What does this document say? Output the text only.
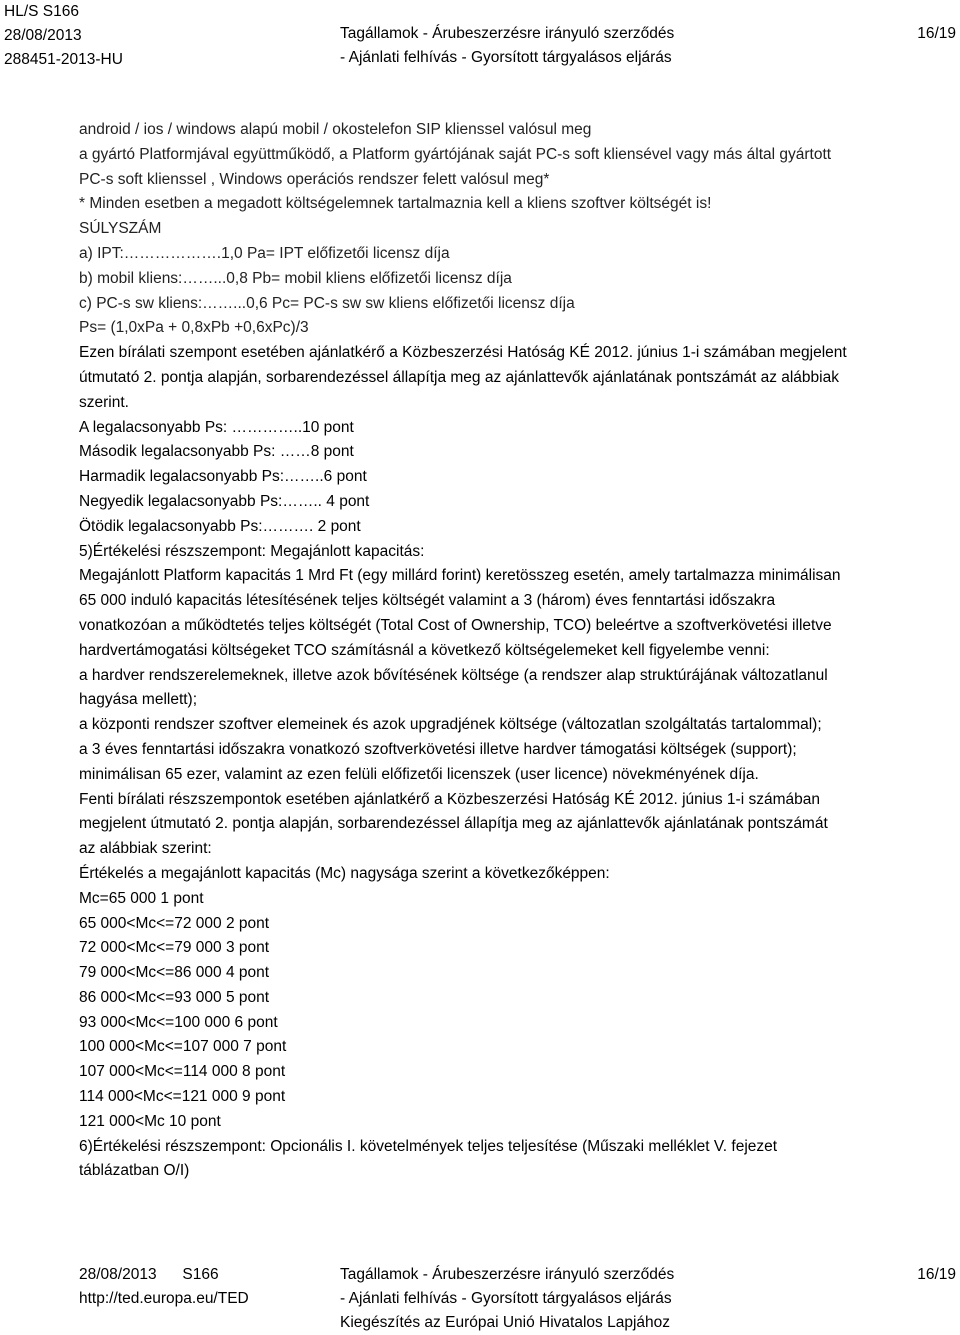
HL/S S166
28/08/2013
288451-2013-HU
Tagállamok - Árubeszerzésre irányuló szerződés
- Ajánlati felhívás - Gyorsított tárgyalásos eljárás
16/19

android / ios / windows alapú mobil / okostelefon SIP klienssel valósul meg

a gyártó Platformjával együttműködő, a Platform gyártójának saját PC-s soft kliensével vagy más által gyártott

PC-s soft klienssel , Windows operációs rendszer felett valósul meg*

* Minden esetben a megadott költségelemnek tartalmaznia kell a kliens szoftver költségét is!

SÚLYSZÁM

a) IPT:……………….1,0 Pa= IPT előfizetői licensz díja

b) mobil kliens:……...0,8 Pb= mobil kliens előfizetői licensz díja

c) PC-s sw kliens:……...0,6 Pc= PC-s sw sw kliens előfizetői licensz díja

Ps= (1,0xPa + 0,8xPb +0,6xPc)/3

Ezen bírálati szempont esetében ajánlatkérő a Közbeszerzési Hatóság KÉ 2012. június 1-i számában megjelent

útmutató 2. pontja alapján, sorbarendezéssel állapítja meg az ajánlattevők ajánlatának pontszámát az alábbiak

szerint.

A legalacsonyabb Ps: …………..10 pont

Második legalacsonyabb Ps: ……8 pont

Harmadik legalacsonyabb Ps:……..6 pont

Negyedik legalacsonyabb Ps:…….. 4 pont

Ötödik legalacsonyabb Ps:………. 2 pont

5)Értékelési részszempont: Megajánlott kapacitás:

Megajánlott Platform kapacitás 1 Mrd Ft (egy millárd forint) keretösszeg esetén, amely tartalmazza minimálisan

65 000 induló kapacitás létesítésének teljes költségét valamint a 3 (három) éves fenntartási időszakra

vonatkozóan a működtetés teljes költségét (Total Cost of Ownership, TCO) beleértve a szoftverkövetési illetve

hardvertámogatási költségeket TCO számításnál a következő költségelemeket kell figyelembe venni:

a hardver rendszerelemeknek, illetve azok bővítésének költsége (a rendszer alap struktúrájának változatlanul

hagyása mellett);

a központi rendszer szoftver elemeinek és azok upgradjének költsége (változatlan szolgáltatás tartalommal);

a 3 éves fenntartási időszakra vonatkozó szoftverkövetési illetve hardver támogatási költségek (support);

minimálisan 65 ezer, valamint az ezen felüli előfizetői licenszek (user licence) növekményének díja.

Fenti bírálati részszempontok esetében ajánlatkérő a Közbeszerzési Hatóság KÉ 2012. június 1-i számában

megjelent útmutató 2. pontja alapján, sorbarendezéssel állapítja meg az ajánlattevők ajánlatának pontszámát

az alábbiak szerint:

Értékelés a megajánlott kapacitás (Mc) nagysága szerint a következőképpen:

Mc=65 000 1 pont

65 000<Mc<=72 000 2 pont

72 000<Mc<=79 000 3 pont

79 000<Mc<=86 000 4 pont

86 000<Mc<=93 000 5 pont

93 000<Mc<=100 000 6 pont

100 000<Mc<=107 000 7 pont

107 000<Mc<=114 000 8 pont

114 000<Mc<=121 000 9 pont

121 000<Mc 10 pont

6)Értékelési részszempont: Opcionális I. követelmények teljes teljesítése (Műszaki melléklet V. fejezet

táblázatban O/I)

28/08/2013 S166
http://ted.europa.eu/TED
Tagállamok - Árubeszerzésre irányuló szerződés
- Ajánlati felhívás - Gyorsított tárgyalásos eljárás
Kiegészítés az Európai Unió Hivatalos Lapjához
16/19
